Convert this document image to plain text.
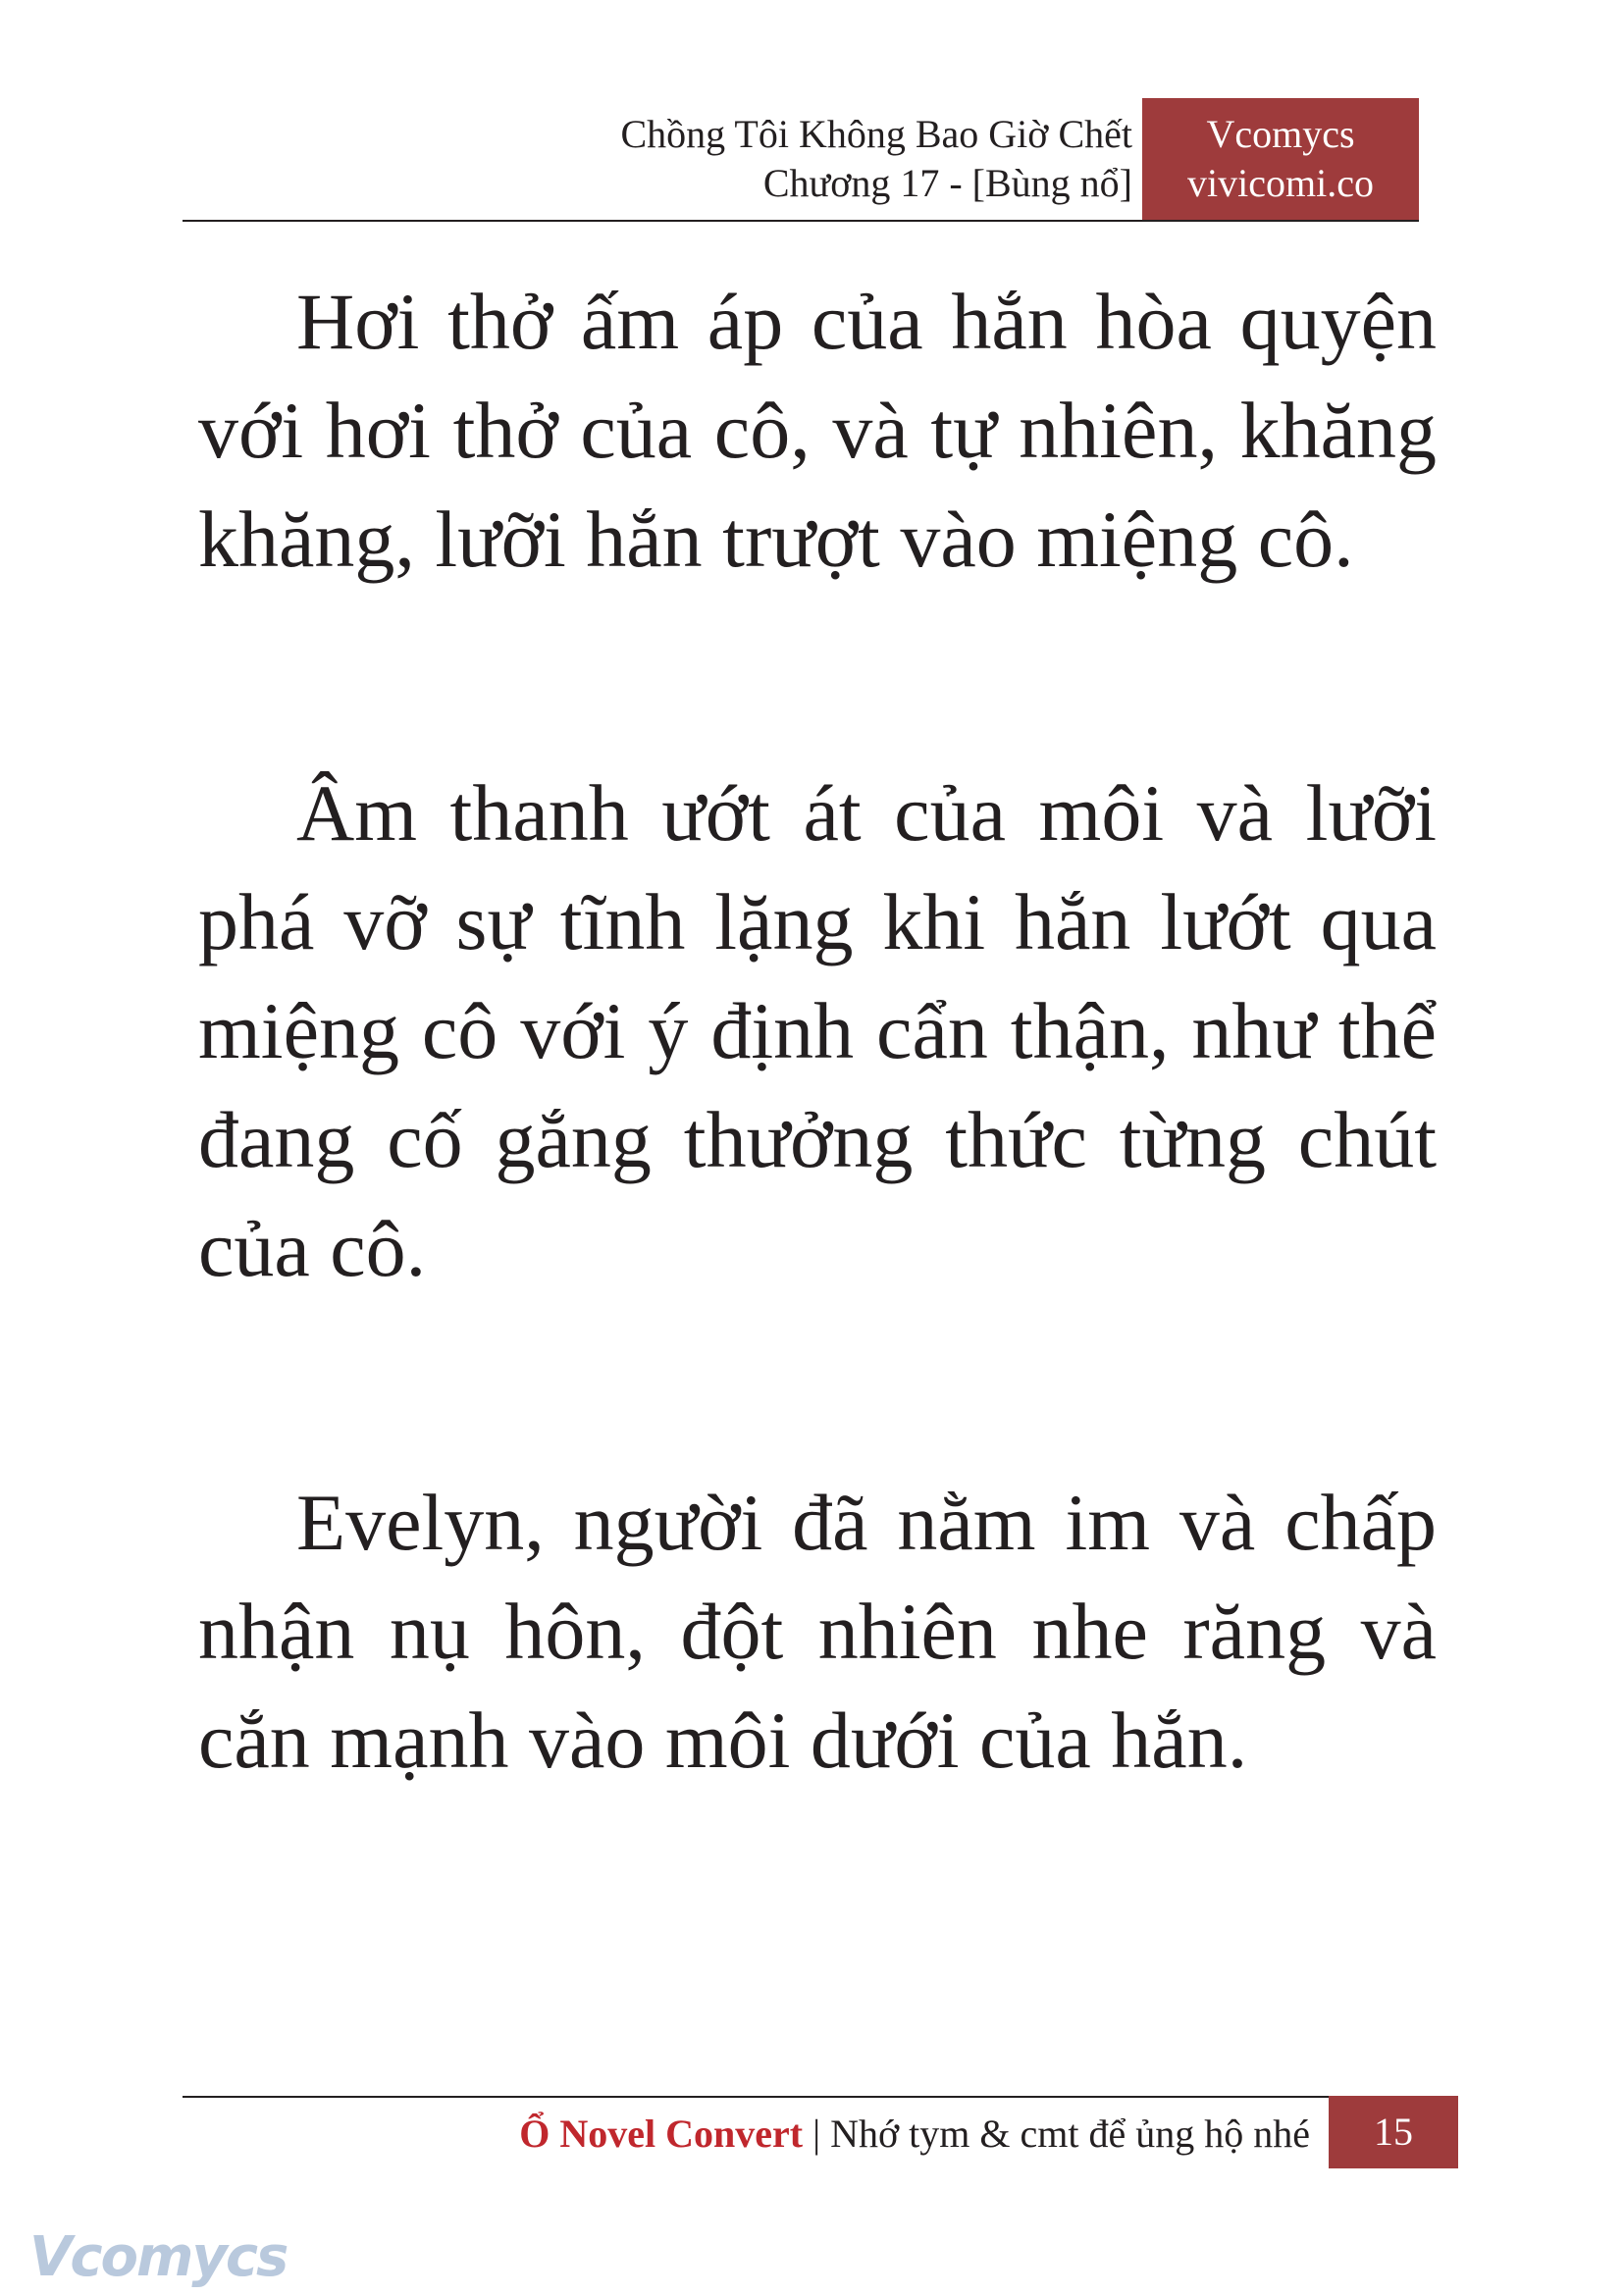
Chồng Tôi Không Bao Giờ Chết
Chương 17 - [Bùng nổ]
Vcomycs
vivicomi.co

Hơi thở ấm áp của hắn hòa quyện với hơi thở của cô, và tự nhiên, khăng khăng, lưỡi hắn trượt vào miệng cô.

Âm thanh ướt át của môi và lưỡi phá vỡ sự tĩnh lặng khi hắn lướt qua miệng cô với ý định cẩn thận, như thể đang cố gắng thưởng thức từng chút của cô.

Evelyn, người đã nằm im và chấp nhận nụ hôn, đột nhiên nhe răng và cắn mạnh vào môi dưới của hắn.

Ổ Novel Convert | Nhớ tym & cmt để ủng hộ nhé	15
Vcomycs
